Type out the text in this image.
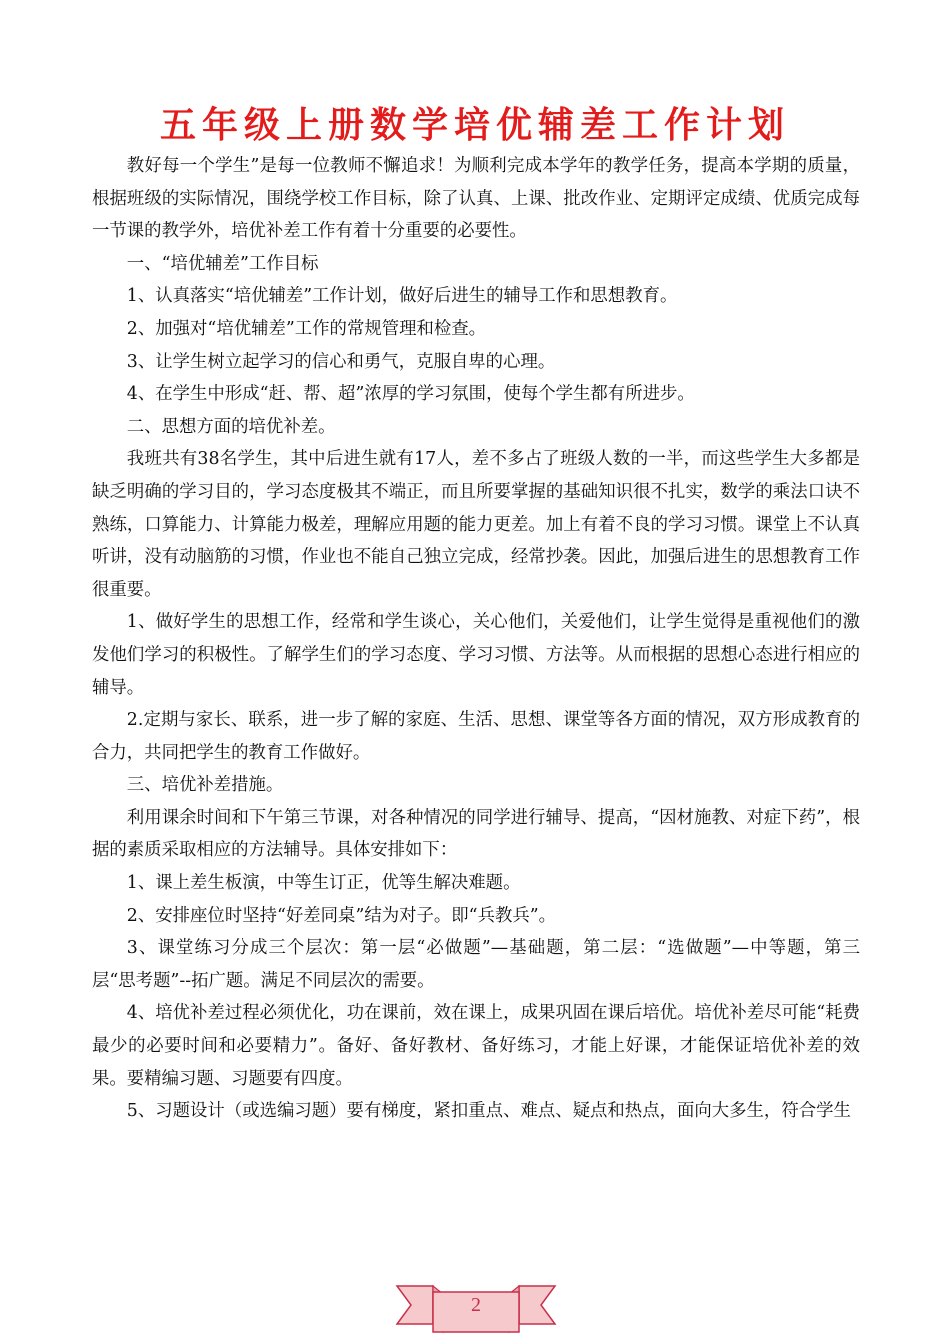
五年级上册数学培优辅差工作计划

教好每一个学生”是每一位教师不懈追求！为顺利完成本学年的教学任务，提高本学期的质量，根据班级的实际情况，围绕学校工作目标，除了认真、上课、批改作业、定期评定成绩、优质完成每一节课的教学外，培优补差工作有着十分重要的必要性。

一、“培优辅差”工作目标

1、认真落实“培优辅差”工作计划，做好后进生的辅导工作和思想教育。

2、加强对“培优辅差”工作的常规管理和检查。

3、让学生树立起学习的信心和勇气，克服自卑的心理。

4、在学生中形成“赶、帮、超”浓厚的学习氛围，使每个学生都有所进步。

二、思想方面的培优补差。

我班共有38名学生，其中后进生就有17人，差不多占了班级人数的一半，而这些学生大多都是缺乏明确的学习目的，学习态度极其不端正，而且所要掌握的基础知识很不扎实，数学的乘法口诀不熟练，口算能力、计算能力极差，理解应用题的能力更差。加上有着不良的学习习惯。课堂上不认真听讲，没有动脑筋的习惯，作业也不能自己独立完成，经常抄袭。因此，加强后进生的思想教育工作很重要。

1、做好学生的思想工作，经常和学生谈心，关心他们，关爱他们，让学生觉得是重视他们的激发他们学习的积极性。了解学生们的学习态度、学习习惯、方法等。从而根据的思想心态进行相应的辅导。

2.定期与家长、联系，进一步了解的家庭、生活、思想、课堂等各方面的情况，双方形成教育的合力，共同把学生的教育工作做好。

三、培优补差措施。

利用课余时间和下午第三节课，对各种情况的同学进行辅导、提高，“因材施教、对症下药”，根据的素质采取相应的方法辅导。具体安排如下：

1、课上差生板演，中等生订正，优等生解决难题。

2、安排座位时坚持“好差同桌”结为对子。即“兵教兵”。

3、课堂练习分成三个层次：第一层“必做题”—基础题，第二层：“选做题”—中等题，第三层“思考题”--拓广题。满足不同层次的需要。

4、培优补差过程必须优化，功在课前，效在课上，成果巩固在课后培优。培优补差尽可能“耗费最少的必要时间和必要精力”。备好、备好教材、备好练习，才能上好课，才能保证培优补差的效果。要精编习题、习题要有四度。

5、习题设计（或选编习题）要有梯度，紧扣重点、难点、疑点和热点，面向大多生，符合学生

2
